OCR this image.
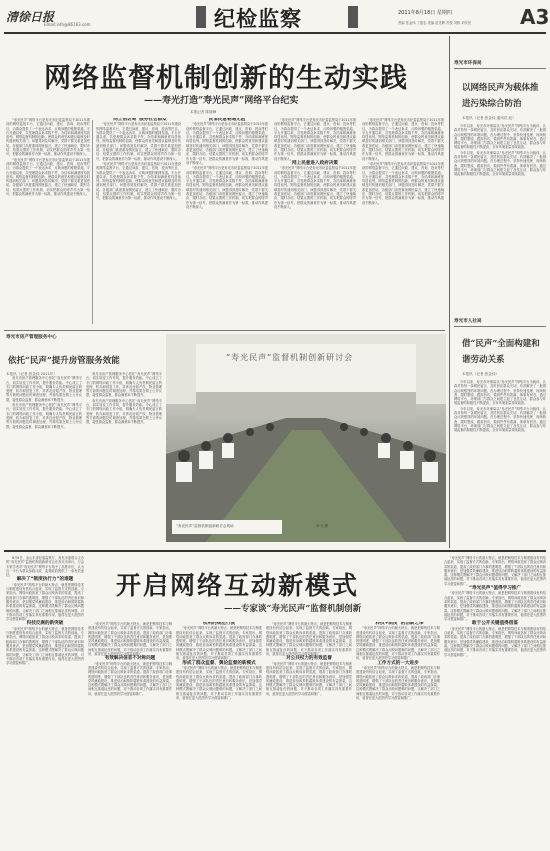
清徐日报
Email:info@86163.com	纪检监察	2011年8月18日 星期四
责编 张金伟 丁振忠 美编 赵雪辉 责校 刘桥 刘安民 A3
网络监督机制创新的生动实践
——寿光打造“寿光民声”网络平台纪实
本报记者 陈晓峰

“寿光民声”网络平台是寿光市纪委监察局于2011年建设的网络监督平台，它通过问政、建议、咨询、投诉等栏目，为群众提供了一个表达诉求、反映问题的便捷渠道。平台开通以来，共受理群众诉求数千件，办结率和满意度均居前列。网络监督机制的创新，使群众的意见和建议能够及时传递到相关部门，问题得到及时解决，党群干群关系更加密切。各级部门高度重视网民留言，建立了快速响应、限时办结、结果反馈的工作机制，切实把群众的呼声作为第一信号，把群众的满意作为第一标准，推动作风建设不断深入。

“寿光民声”网络平台是寿光市纪委监察局于2011年建设的网络监督平台，它通过问政、建议、咨询、投诉等栏目，为群众提供了一个表达诉求、反映问题的便捷渠道。平台开通以来，共受理群众诉求数千件，办结率和满意度均居前列。网络监督机制的创新，使群众的意见和建议能够及时传递到相关部门，问题得到及时解决，党群干群关系更加密切。各级部门高度重视网民留言，建立了快速响应、限时办结、结果反馈的工作机制，切实把群众的呼声作为第一信号，把群众的满意作为第一标准，推动作风建设不断深入。

“网上信访局”服务社会群众

“寿光民声”网络平台是寿光市纪委监察局于2011年建设的网络监督平台，它通过问政、建议、咨询、投诉等栏目，为群众提供了一个表达诉求、反映问题的便捷渠道。平台开通以来，共受理群众诉求数千件，办结率和满意度均居前列。网络监督机制的创新，使群众的意见和建议能够及时传递到相关部门，问题得到及时解决，党群干群关系更加密切。各级部门高度重视网民留言，建立了快速响应、限时办结、结果反馈的工作机制，切实把群众的呼声作为第一信号，把群众的满意作为第一标准，推动作风建设不断深入。

“寿光民声”网络平台是寿光市纪委监察局于2011年建设的网络监督平台，它通过问政、建议、咨询、投诉等栏目，为群众提供了一个表达诉求、反映问题的便捷渠道。平台开通以来，共受理群众诉求数千件，办结率和满意度均居前列。网络监督机制的创新，使群众的意见和建议能够及时传递到相关部门，问题得到及时解决，党群干群关系更加密切。各级部门高度重视网民留言，建立了快速响应、限时办结、结果反馈的工作机制，切实把群众的呼声作为第一信号，把群众的满意作为第一标准，推动作风建设不断深入。

民情民意畅通无阻

“寿光民声”网络平台是寿光市纪委监察局于2011年建设的网络监督平台，它通过问政、建议、咨询、投诉等栏目，为群众提供了一个表达诉求、反映问题的便捷渠道。平台开通以来，共受理群众诉求数千件，办结率和满意度均居前列。网络监督机制的创新，使群众的意见和建议能够及时传递到相关部门，问题得到及时解决，党群干群关系更加密切。各级部门高度重视网民留言，建立了快速响应、限时办结、结果反馈的工作机制，切实把群众的呼声作为第一信号，把群众的满意作为第一标准，推动作风建设不断深入。

“寿光民声”网络平台是寿光市纪委监察局于2011年建设的网络监督平台，它通过问政、建议、咨询、投诉等栏目，为群众提供了一个表达诉求、反映问题的便捷渠道。平台开通以来，共受理群众诉求数千件，办结率和满意度均居前列。网络监督机制的创新，使群众的意见和建议能够及时传递到相关部门，问题得到及时解决，党群干群关系更加密切。各级部门高度重视网民留言，建立了快速响应、限时办结、结果反馈的工作机制，切实把群众的呼声作为第一信号，把群众的满意作为第一标准，推动作风建设不断深入。

“寿光民声”网络平台是寿光市纪委监察局于2011年建设的网络监督平台，它通过问政、建议、咨询、投诉等栏目，为群众提供了一个表达诉求、反映问题的便捷渠道。平台开通以来，共受理群众诉求数千件，办结率和满意度均居前列。网络监督机制的创新，使群众的意见和建议能够及时传递到相关部门，问题得到及时解决，党群干群关系更加密切。各级部门高度重视网民留言，建立了快速响应、限时办结、结果反馈的工作机制，切实把群众的呼声作为第一信号，把群众的满意作为第一标准，推动作风建设不断深入。

网上民意进入政府决策

“寿光民声”网络平台是寿光市纪委监察局于2011年建设的网络监督平台，它通过问政、建议、咨询、投诉等栏目，为群众提供了一个表达诉求、反映问题的便捷渠道。平台开通以来，共受理群众诉求数千件，办结率和满意度均居前列。网络监督机制的创新，使群众的意见和建议能够及时传递到相关部门，问题得到及时解决，党群干群关系更加密切。各级部门高度重视网民留言，建立了快速响应、限时办结、结果反馈的工作机制，切实把群众的呼声作为第一信号，把群众的满意作为第一标准，推动作风建设不断深入。

“寿光民声”网络平台是寿光市纪委监察局于2011年建设的网络监督平台，它通过问政、建议、咨询、投诉等栏目，为群众提供了一个表达诉求、反映问题的便捷渠道。平台开通以来，共受理群众诉求数千件，办结率和满意度均居前列。网络监督机制的创新，使群众的意见和建议能够及时传递到相关部门，问题得到及时解决，党群干群关系更加密切。各级部门高度重视网民留言，建立了快速响应、限时办结、结果反馈的工作机制，切实把群众的呼声作为第一信号，把群众的满意作为第一标准，推动作风建设不断深入。

“寿光民声”网络平台是寿光市纪委监察局于2011年建设的网络监督平台，它通过问政、建议、咨询、投诉等栏目，为群众提供了一个表达诉求、反映问题的便捷渠道。平台开通以来，共受理群众诉求数千件，办结率和满意度均居前列。网络监督机制的创新，使群众的意见和建议能够及时传递到相关部门，问题得到及时解决，党群干群关系更加密切。各级部门高度重视网民留言，建立了快速响应、限时办结、结果反馈的工作机制，切实把群众的呼声作为第一信号，把群众的满意作为第一标准，推动作风建设不断深入。

寿光市环保局
以网络民声为载体推进污染综合防治
本报讯（记者 张金伟 通讯员 赵）

今年以来，寿光市环保局以“寿光民声”网络平台为载体，认真对待每一条网民留言，及时回应群众关切，有效解决了一批群众反映强烈的环境问题。在办理过程中，坚持快速受理、现场核查、限时整改、跟踪回访，做到件件有着落、事事有回音。通过网络平台，环保部门与群众之间建立起了良性互动，群众参与环境监督的积极性不断提高，全市环境质量持续改善。

今年以来，寿光市环保局以“寿光民声”网络平台为载体，认真对待每一条网民留言，及时回应群众关切，有效解决了一批群众反映强烈的环境问题。在办理过程中，坚持快速受理、现场核查、限时整改、跟踪回访，做到件件有着落、事事有回音。通过网络平台，环保部门与群众之间建立起了良性互动，群众参与环境监督的积极性不断提高，全市环境质量持续改善。

寿光市人社局
借“民声”全面构建和谐劳动关系
本报讯（记者 张金伟）

今年以来，寿光市环保局以“寿光民声”网络平台为载体，认真对待每一条网民留言，及时回应群众关切，有效解决了一批群众反映强烈的环境问题。在办理过程中，坚持快速受理、现场核查、限时整改、跟踪回访，做到件件有着落、事事有回音。通过网络平台，环保部门与群众之间建立起了良性互动，群众参与环境监督的积极性不断提高，全市环境质量持续改善。

今年以来，寿光市环保局以“寿光民声”网络平台为载体，认真对待每一条网民留言，及时回应群众关切，有效解决了一批群众反映强烈的环境问题。在办理过程中，坚持快速受理、现场核查、限时整改、跟踪回访，做到件件有着落、事事有回音。通过网络平台，环保部门与群众之间建立起了良性互动，群众参与环境监督的积极性不断提高，全市环境质量持续改善。

寿光市房产管理服务中心
依托“民声”提升房管服务效能
本报讯（记者 张金伟 2011年）

寿光市房产管理服务中心依托“寿光民声”网络平台，切实转变工作作风，提升服务效能。中心成立了专门的网络问政工作小组，明确专人负责网民留言的受理、转办和回复工作，对涉及房屋产权、物业管理等方面的问题及时调查处理，并将结果在网上公开反馈，接受群众监督，群众满意率不断提升。

寿光市房产管理服务中心依托“寿光民声”网络平台，切实转变工作作风，提升服务效能。中心成立了专门的网络问政工作小组，明确专人负责网民留言的受理、转办和回复工作，对涉及房屋产权、物业管理等方面的问题及时调查处理，并将结果在网上公开反馈，接受群众监督，群众满意率不断提升。

寿光市房产管理服务中心依托“寿光民声”网络平台，切实转变工作作风，提升服务效能。中心成立了专门的网络问政工作小组，明确专人负责网民留言的受理、转办和回复工作，对涉及房屋产权、物业管理等方面的问题及时调查处理，并将结果在网上公开反馈，接受群众监督，群众满意率不断提升。

寿光市房产管理服务中心依托“寿光民声”网络平台，切实转变工作作风，提升服务效能。中心成立了专门的网络问政工作小组，明确专人负责网民留言的受理、转办和回复工作，对涉及房屋产权、物业管理等方面的问题及时调查处理，并将结果在网上公开反馈，接受群众监督，群众满意率不断提升。

“寿光民声”监督机制创新研讨会
“寿光民声”监督机制创新研讨会现场	李飞 摄

8月9日，由山东省纪委监察厅、寿光市委联合主办的“寿光民声”监督机制创新研讨会在寿光市举行。与会专家学者对“寿光民声”网络平台给予了高度评价，认为这一平台为群众参政议政、监督政府提供了一条有效途径。

解决了“制度执行力”的难题

“寿光民声”网络平台的最大特点，就是把网络技术与制度建设有机结合起来，实现了监督方式的创新。专家指出，网络问政拓宽了群众反映诉求的渠道，提高了政府部门办事的透明度，增强了干部队伍的责任意识和服务意识，是加强党风廉政建设、推进惩治和预防腐败体系建设的有益探索。这种模式既解决了群众反映问题难的问题，又解决了部门之间相互推诿扯皮的问题，对于推动各项工作落实具有重要作用，值得在更大范围内学习借鉴和推广。

科技反腐的新突破

“寿光民声”网络平台的最大特点，就是把网络技术与制度建设有机结合起来，实现了监督方式的创新。专家指出，网络问政拓宽了群众反映诉求的渠道，提高了政府部门办事的透明度，增强了干部队伍的责任意识和服务意识，是加强党风廉政建设、推进惩治和预防腐败体系建设的有益探索。这种模式既解决了群众反映问题难的问题，又解决了部门之间相互推诿扯皮的问题，对于推动各项工作落实具有重要作用，值得在更大范围内学习借鉴和推广。

开启网络互动新模式
——专家谈“寿光民声”监督机制创新

“寿光民声”网络平台的最大特点，就是把网络技术与制度建设有机结合起来，实现了监督方式的创新。专家指出，网络问政拓宽了群众反映诉求的渠道，提高了政府部门办事的透明度，增强了干部队伍的责任意识和服务意识，是加强党风廉政建设、推进惩治和预防腐败体系建设的有益探索。这种模式既解决了群众反映问题难的问题，又解决了部门之间相互推诿扯皮的问题，对于推动各项工作落实具有重要作用，值得在更大范围内学习借鉴和推广。

有效解决信息不对称问题

“寿光民声”网络平台的最大特点，就是把网络技术与制度建设有机结合起来，实现了监督方式的创新。专家指出，网络问政拓宽了群众反映诉求的渠道，提高了政府部门办事的透明度，增强了干部队伍的责任意识和服务意识，是加强党风廉政建设、推进惩治和预防腐败体系建设的有益探索。这种模式既解决了群众反映问题难的问题，又解决了部门之间相互推诿扯皮的问题，对于推动各项工作落实具有重要作用，值得在更大范围内学习借鉴和推广。

权利的规范行使

“寿光民声”网络平台的最大特点，就是把网络技术与制度建设有机结合起来，实现了监督方式的创新。专家指出，网络问政拓宽了群众反映诉求的渠道，提高了政府部门办事的透明度，增强了干部队伍的责任意识和服务意识，是加强党风廉政建设、推进惩治和预防腐败体系建设的有益探索。这种模式既解决了群众反映问题难的问题，又解决了部门之间相互推诿扯皮的问题，对于推动各项工作落实具有重要作用，值得在更大范围内学习借鉴和推广。

形成了群众监督、舆论监督的新模式

“寿光民声”网络平台的最大特点，就是把网络技术与制度建设有机结合起来，实现了监督方式的创新。专家指出，网络问政拓宽了群众反映诉求的渠道，提高了政府部门办事的透明度，增强了干部队伍的责任意识和服务意识，是加强党风廉政建设、推进惩治和预防腐败体系建设的有益探索。这种模式既解决了群众反映问题难的问题，又解决了部门之间相互推诿扯皮的问题，对于推动各项工作落实具有重要作用，值得在更大范围内学习借鉴和推广。

“寿光民声”网络平台的最大特点，就是把网络技术与制度建设有机结合起来，实现了监督方式的创新。专家指出，网络问政拓宽了群众反映诉求的渠道，提高了政府部门办事的透明度，增强了干部队伍的责任意识和服务意识，是加强党风廉政建设、推进惩治和预防腐败体系建设的有益探索。这种模式既解决了群众反映问题难的问题，又解决了部门之间相互推诿扯皮的问题，对于推动各项工作落实具有重要作用，值得在更大范围内学习借鉴和推广。

对公共权力的有效监督

“寿光民声”网络平台的最大特点，就是把网络技术与制度建设有机结合起来，实现了监督方式的创新。专家指出，网络问政拓宽了群众反映诉求的渠道，提高了政府部门办事的透明度，增强了干部队伍的责任意识和服务意识，是加强党风廉政建设、推进惩治和预防腐败体系建设的有益探索。这种模式既解决了群众反映问题难的问题，又解决了部门之间相互推诿扯皮的问题，对于推动各项工作落实具有重要作用，值得在更大范围内学习借鉴和推广。

“科技+制度”的创新之举

“寿光民声”网络平台的最大特点，就是把网络技术与制度建设有机结合起来，实现了监督方式的创新。专家指出，网络问政拓宽了群众反映诉求的渠道，提高了政府部门办事的透明度，增强了干部队伍的责任意识和服务意识，是加强党风廉政建设、推进惩治和预防腐败体系建设的有益探索。这种模式既解决了群众反映问题难的问题，又解决了部门之间相互推诿扯皮的问题，对于推动各项工作落实具有重要作用，值得在更大范围内学习借鉴和推广。

工作方式的一大进步

“寿光民声”网络平台的最大特点，就是把网络技术与制度建设有机结合起来，实现了监督方式的创新。专家指出，网络问政拓宽了群众反映诉求的渠道，提高了政府部门办事的透明度，增强了干部队伍的责任意识和服务意识，是加强党风廉政建设、推进惩治和预防腐败体系建设的有益探索。这种模式既解决了群众反映问题难的问题，又解决了部门之间相互推诿扯皮的问题，对于推动各项工作落实具有重要作用，值得在更大范围内学习借鉴和推广。

“寿光民声”网络平台的最大特点，就是把网络技术与制度建设有机结合起来，实现了监督方式的创新。专家指出，网络问政拓宽了群众反映诉求的渠道，提高了政府部门办事的透明度，增强了干部队伍的责任意识和服务意识，是加强党风廉政建设、推进惩治和预防腐败体系建设的有益探索。这种模式既解决了群众反映问题难的问题，又解决了部门之间相互推诿扯皮的问题，对于推动各项工作落实具有重要作用，值得在更大范围内学习借鉴和推广。

“寿光民声”值得学习推广

“寿光民声”网络平台的最大特点，就是把网络技术与制度建设有机结合起来，实现了监督方式的创新。专家指出，网络问政拓宽了群众反映诉求的渠道，提高了政府部门办事的透明度，增强了干部队伍的责任意识和服务意识，是加强党风廉政建设、推进惩治和预防腐败体系建设的有益探索。这种模式既解决了群众反映问题难的问题，又解决了部门之间相互推诿扯皮的问题，对于推动各项工作落实具有重要作用，值得在更大范围内学习借鉴和推广。

敢于公开关键值得借鉴

“寿光民声”网络平台的最大特点，就是把网络技术与制度建设有机结合起来，实现了监督方式的创新。专家指出，网络问政拓宽了群众反映诉求的渠道，提高了政府部门办事的透明度，增强了干部队伍的责任意识和服务意识，是加强党风廉政建设、推进惩治和预防腐败体系建设的有益探索。这种模式既解决了群众反映问题难的问题，又解决了部门之间相互推诿扯皮的问题，对于推动各项工作落实具有重要作用，值得在更大范围内学习借鉴和推广。
